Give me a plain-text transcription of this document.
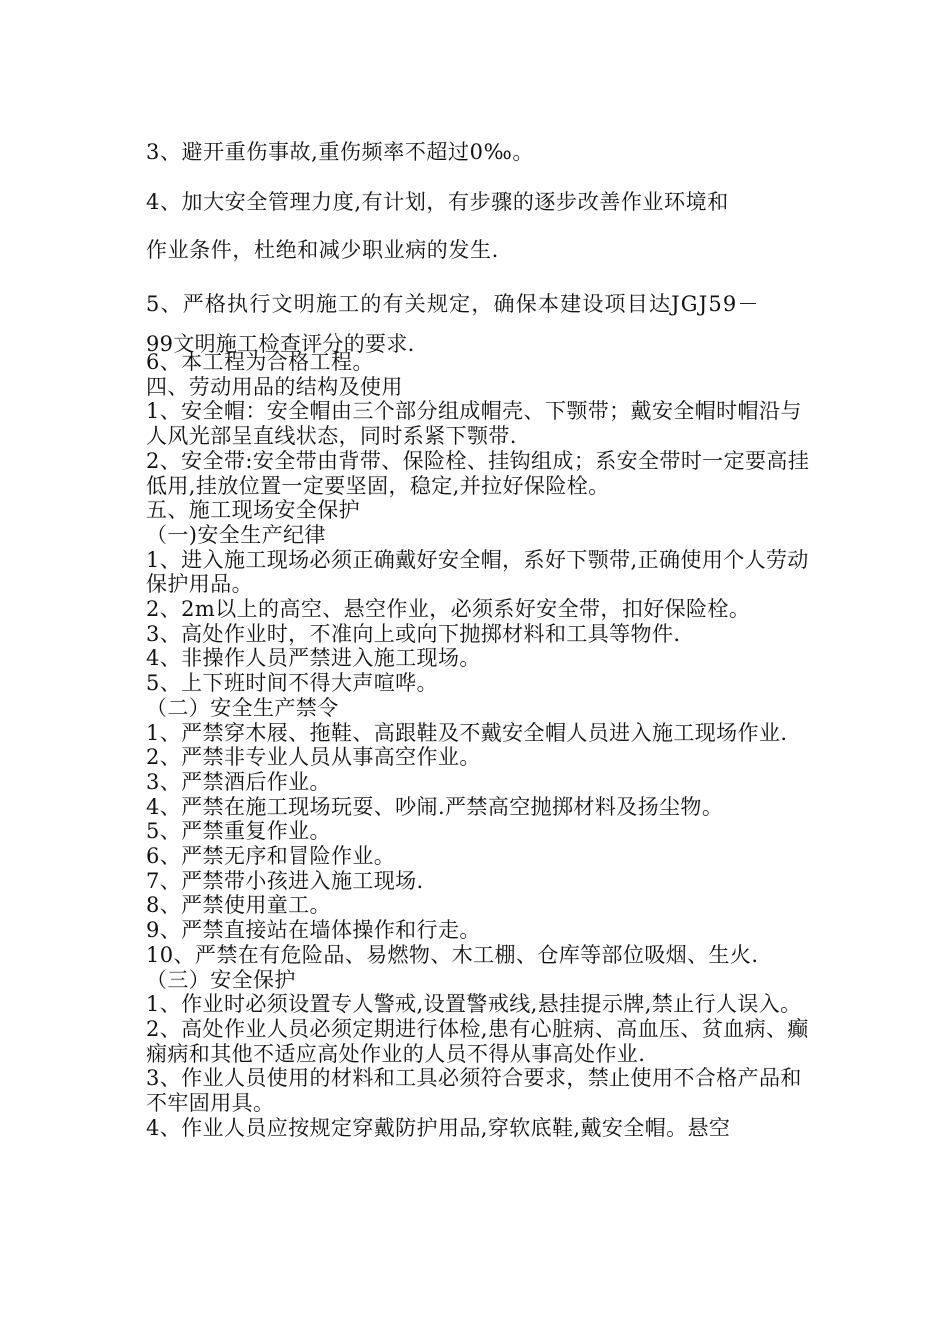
3、避开重伤事故,重伤频率不超过0‰。
4、加大安全管理力度,有计划，有步骤的逐步改善作业环境和
作业条件，杜绝和减少职业病的发生.
5、严格执行文明施工的有关规定，确保本建设项目达JGJ59－
99文明施工检查评分的要求.

6、本工程为合格工程。

四、劳动用品的结构及使用

1、安全帽：安全帽由三个部分组成帽壳、下颚带；戴安全帽时帽沿与人风光部呈直线状态，同时系紧下颚带.

2、安全带:安全带由背带、保险栓、挂钩组成；系安全带时一定要高挂低用,挂放位置一定要坚固，稳定,并拉好保险栓。

五、施工现场安全保护

（一)安全生产纪律

1、进入施工现场必须正确戴好安全帽，系好下颚带,正确使用个人劳动保护用品。

2、2m以上的高空、悬空作业，必须系好安全带，扣好保险栓。

3、高处作业时，不准向上或向下抛掷材料和工具等物件.

4、非操作人员严禁进入施工现场。

5、上下班时间不得大声喧哗。

（二）安全生产禁令

1、严禁穿木屐、拖鞋、高跟鞋及不戴安全帽人员进入施工现场作业.

2、严禁非专业人员从事高空作业。

3、严禁酒后作业。

4、严禁在施工现场玩耍、吵闹.严禁高空抛掷材料及扬尘物。

5、严禁重复作业。

6、严禁无序和冒险作业。

7、严禁带小孩进入施工现场.

8、严禁使用童工。

9、严禁直接站在墙体操作和行走。

10、严禁在有危险品、易燃物、木工棚、仓库等部位吸烟、生火.

（三）安全保护

1、作业时必须设置专人警戒,设置警戒线,悬挂提示牌,禁止行人误入。

2、高处作业人员必须定期进行体检,患有心脏病、高血压、贫血病、癫痫病和其他不适应高处作业的人员不得从事高处作业.

3、作业人员使用的材料和工具必须符合要求，禁止使用不合格产品和不牢固用具。

4、作业人员应按规定穿戴防护用品,穿软底鞋,戴安全帽。悬空
